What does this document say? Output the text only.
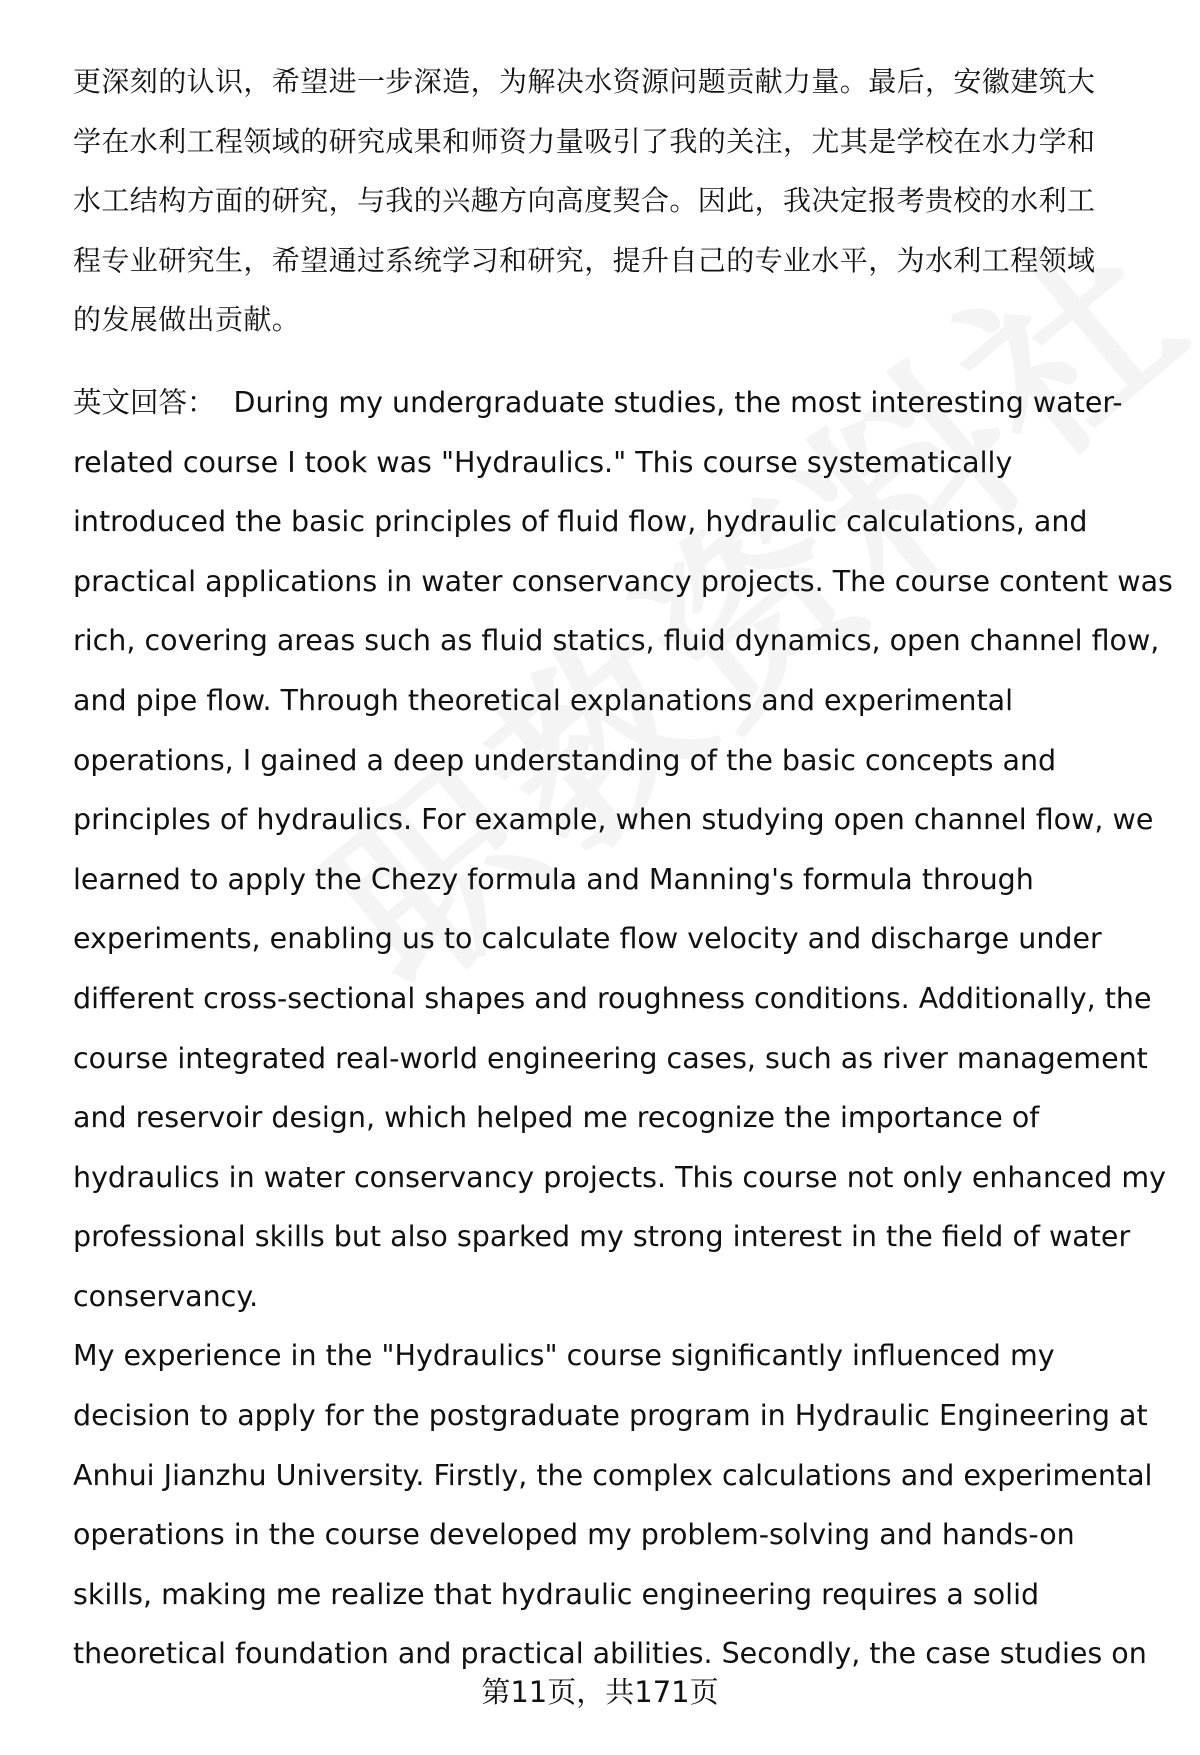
更深刻的认识，希望进一步深造，为解决水资源问题贡献力量。最后，安徽建筑大
学在水利工程领域的研究成果和师资力量吸引了我的关注，尤其是学校在水力学和
水工结构方面的研究，与我的兴趣方向高度契合。因此，我决定报考贵校的水利工
程专业研究生，希望通过系统学习和研究，提升自己的专业水平，为水利工程领域
的发展做出贡献。
英文回答： During my undergraduate studies, the most interesting water-
related course I took was "Hydraulics." This course systematically
introduced the basic principles of fluid flow, hydraulic calculations, and
practical applications in water conservancy projects. The course content was
rich, covering areas such as fluid statics, fluid dynamics, open channel flow,
and pipe flow. Through theoretical explanations and experimental
operations, I gained a deep understanding of the basic concepts and
principles of hydraulics. For example, when studying open channel flow, we
learned to apply the Chezy formula and Manning's formula through
experiments, enabling us to calculate flow velocity and discharge under
different cross-sectional shapes and roughness conditions. Additionally, the
course integrated real-world engineering cases, such as river management
and reservoir design, which helped me recognize the importance of
hydraulics in water conservancy projects. This course not only enhanced my
professional skills but also sparked my strong interest in the field of water
conservancy.
My experience in the "Hydraulics" course significantly influenced my
decision to apply for the postgraduate program in Hydraulic Engineering at
Anhui Jianzhu University. Firstly, the complex calculations and experimental
operations in the course developed my problem-solving and hands-on
skills, making me realize that hydraulic engineering requires a solid
theoretical foundation and practical abilities. Secondly, the case studies on
第11页，共171页
